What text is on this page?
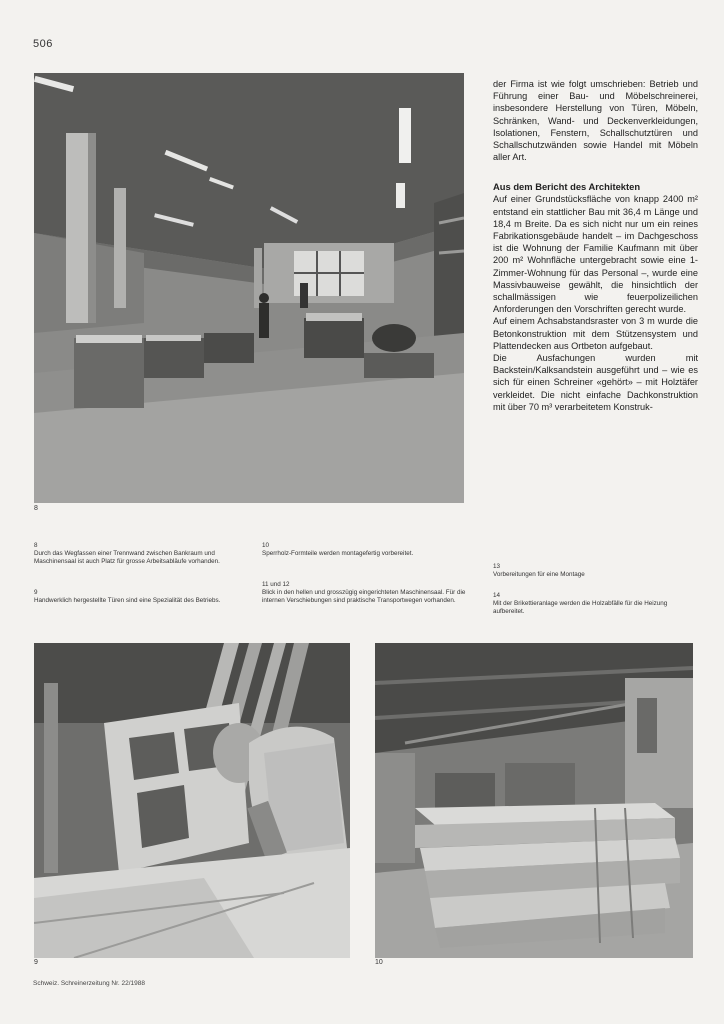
506
8

der Firma ist wie folgt umschrieben: Betrieb und Führung einer Bau- und Möbelschreinerei, insbesondere Herstellung von Türen, Möbeln, Schränken, Wand- und Deckenverkleidungen, Isolationen, Fenstern, Schallschutztüren und Schallschutzwänden sowie Handel mit Möbeln aller Art.

Aus dem Bericht des Architekten

Auf einer Grundstücksfläche von knapp 2400 m² entstand ein stattlicher Bau mit 36,4 m Länge und 18,4 m Breite. Da es sich nicht nur um ein reines Fabrikationsgebäude handelt – im Dachgeschoss ist die Wohnung der Familie Kaufmann mit über 200 m² Wohnfläche untergebracht sowie eine 1-Zimmer-Wohnung für das Personal –, wurde eine Massivbauweise gewählt, die hinsichtlich der schallmässigen wie feuerpolizeilichen Anforderungen den Vorschriften gerecht wurde.

Auf einem Achsabstandsraster von 3 m wurde die Betonkonstruktion mit dem Stützensystem und Plattendecken aus Ortbeton aufgebaut.

Die Ausfachungen wurden mit Backstein/Kalksandstein ausgeführt und – wie es sich für einen Schreiner «gehört» – mit Holztäfer verkleidet. Die nicht einfache Dachkonstruktion mit über 70 m³ verarbeitetem Konstruk-

8
Durch das Wegfassen einer Trennwand zwischen Bankraum und Maschinensaal ist auch Platz für grosse Arbeitsabläufe vorhanden.
9
Handwerklich hergestellte Türen sind eine Spezialität des Betriebs.
10
Sperrholz-Formteile werden montagefertig vorbereitet.
11 und 12
Blick in den hellen und grosszügig eingerichteten Maschinensaal. Für die internen Verschiebungen sind praktische Transportwegen vorhanden.
13
Vorbereitungen für eine Montage
14
Mit der Brikettieranlage werden die Holzabfälle für die Heizung aufbereitet.
9	10
Schweiz. Schreinerzeitung Nr. 22/1988
